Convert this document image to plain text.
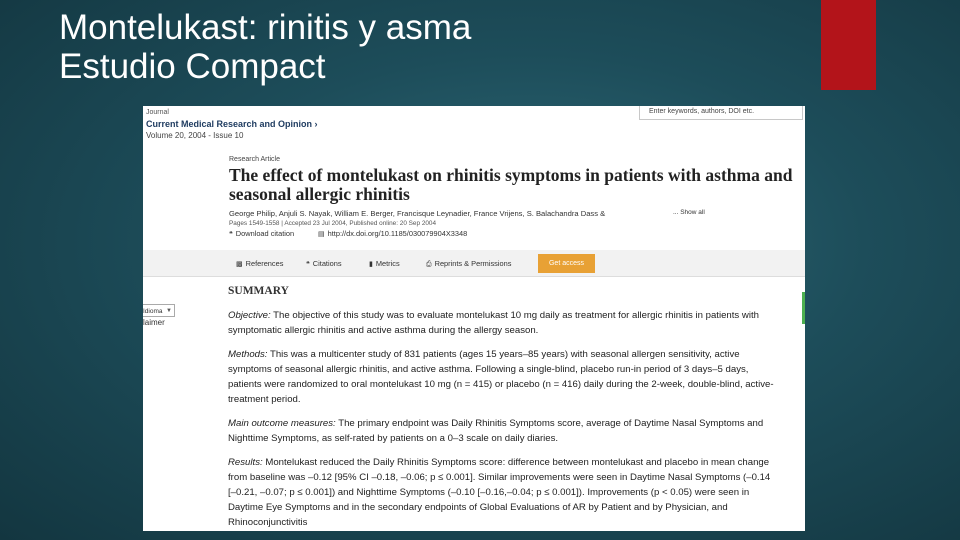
Montelukast: rinitis y asma
Estudio Compact
Journal
Current Medical Research and Opinion ›
Volume 20, 2004 - Issue 10
Enter keywords, authors, DOI etc.
Research Article
The effect of montelukast on rhinitis symptoms in patients with asthma and seasonal allergic rhinitis
George Philip, Anjuli S. Nayak, William E. Berger, Francisque Leynadier, France Vrijens, S. Balachandra Dass &	... Show all
Pages 1549-1558 | Accepted 23 Jul 2004, Published online: 20 Sep 2004
❝ Download citation	▤ http://dx.doi.org/10.1185/030079904X3348
▩ References	❝ Citations	▮ Metrics	⎙ Reprints & Permissions	Get access
Idioma ▼
laimer
SUMMARY

Objective: The objective of this study was to evaluate montelukast 10 mg daily as treatment for allergic rhinitis in patients with symptomatic allergic rhinitis and active asthma during the allergy season.

Methods: This was a multicenter study of 831 patients (ages 15 years–85 years) with seasonal allergen sensitivity, active symptoms of seasonal allergic rhinitis, and active asthma. Following a single-blind, placebo run-in period of 3 days–5 days, patients were randomized to oral montelukast 10 mg (n = 415) or placebo (n = 416) daily during the 2-week, double-blind, active-treatment period.

Main outcome measures: The primary endpoint was Daily Rhinitis Symptoms score, average of Daytime Nasal Symptoms and Nighttime Symptoms, as self-rated by patients on a 0–3 scale on daily diaries.

Results: Montelukast reduced the Daily Rhinitis Symptoms score: difference between montelukast and placebo in mean change from baseline was –0.12 [95% CI –0.18, –0.06; p ≤ 0.001]. Similar improvements were seen in Daytime Nasal Symptoms (–0.14 [–0.21, –0.07; p ≤ 0.001]) and Nighttime Symptoms (–0.10 [–0.16,–0.04; p ≤ 0.001]). Improvements (p < 0.05) were seen in Daytime Eye Symptoms and in the secondary endpoints of Global Evaluations of AR by Patient and by Physician, and Rhinoconjunctivitis
